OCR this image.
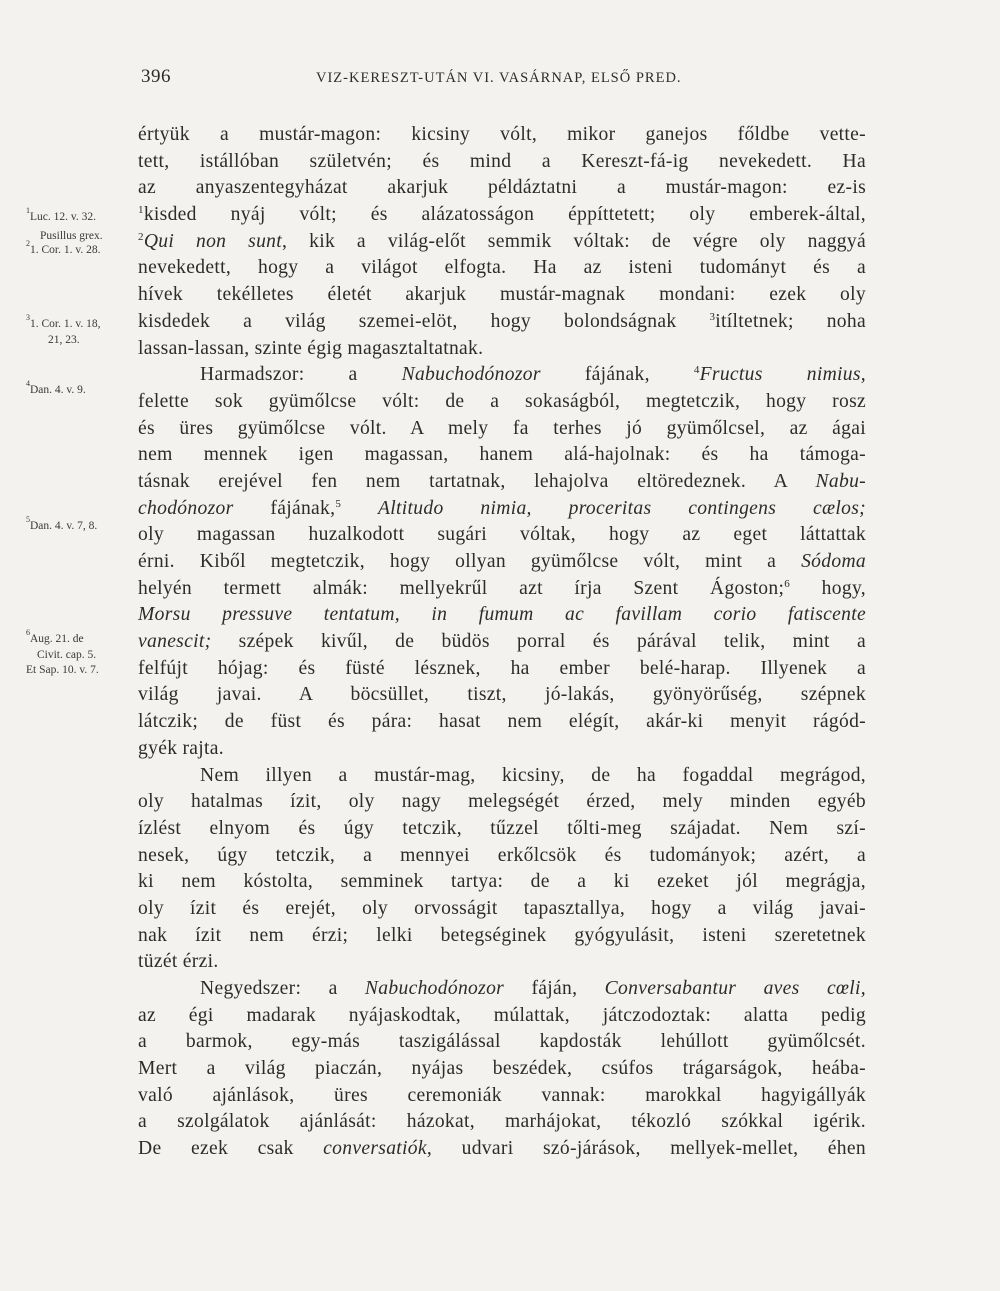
396	VIZ-KERESZT-UTÁN VI. VASÁRNAP, ELSŐ PRED.
$^1$Luc. 12. v. 32.
Pusillus grex.
$^2$1. Cor. 1. v. 28.
$^3$1. Cor. 1. v. 18,
21, 23.
$^4$Dan. 4. v. 9.
$^5$Dan. 4. v. 7, 8.
$^6$Aug. 21. de
Civit. cap. 5.
Et Sap. 10. v. 7.
értyük a mustár-magon: kicsiny vólt, mikor ganejos főldbe vette-
tett, istállóban születvén; és mind a Kereszt-fá-ig nevekedett. Ha
az anyaszentegyházat akarjuk példáztatni a mustár-magon: ez-is
$^1$kisded nyáj vólt; és alázatosságon éppíttetett; oly emberek-által,
$^2$Qui non sunt, kik a világ-előt semmik vóltak: de végre oly naggyá
nevekedett, hogy a világot elfogta. Ha az isteni tudományt és a
hívek tekélletes életét akarjuk mustár-magnak mondani: ezek oly
kisdedek a világ szemei-elöt, hogy bolondságnak $^3$itíltetnek; noha
lassan-lassan, szinte égig magasztaltatnak.
Harmadszor: a Nabuchodónozor fájának, $^4$Fructus nimius,
felette sok gyümőlcse vólt: de a sokaságból, megtetczik, hogy rosz
és üres gyümőlcse vólt. A mely fa terhes jó gyümőlcsel, az ágai
nem mennek igen magassan, hanem alá-hajolnak: és ha támoga-
tásnak erejével fen nem tartatnak, lehajolva eltöredeznek. A Nabu-
chodónozor fájának,$^5$ Altitudo nimia, proceritas contingens cælos;
oly magassan huzalkodott sugári vóltak, hogy az eget láttattak
érni. Kiből megtetczik, hogy ollyan gyümőlcse vólt, mint a Sódoma
helyén termett almák: mellyekrűl azt írja Szent Ágoston;$^6$ hogy,
Morsu pressuve tentatum, in fumum ac favillam corio fatiscente
vanescit; szépek kivűl, de büdös porral és párával telik, mint a
felfújt hójag: és füsté lésznek, ha ember belé-harap. Illyenek a
világ javai. A böcsüllet, tiszt, jó-lakás, gyönyörűség, szépnek
látczik; de füst és pára: hasat nem elégít, akár-ki menyit rágód-
gyék rajta.
Nem illyen a mustár-mag, kicsiny, de ha fogaddal megrágod,
oly hatalmas ízit, oly nagy melegségét érzed, mely minden egyéb
ízlést elnyom és úgy tetczik, tűzzel tőlti-meg szájadat. Nem szí-
nesek, úgy tetczik, a mennyei erkőlcsök és tudományok; azért, a
ki nem kóstolta, semminek tartya: de a ki ezeket jól megrágja,
oly ízit és erejét, oly orvosságit tapasztallya, hogy a világ javai-
nak ízit nem érzi; lelki betegséginek gyógyulásit, isteni szeretetnek
tüzét érzi.
Negyedszer: a Nabuchodónozor fáján, Conversabantur aves cœli,
az égi madarak nyájaskodtak, múlattak, játczodoztak: alatta pedig
a barmok, egy-más taszigálással kapdosták lehúllott gyümőlcsét.
Mert a világ piaczán, nyájas beszédek, csúfos trágarságok, heába-
való ajánlások, üres ceremoniák vannak: marokkal hagyigállyák
a szolgálatok ajánlását: házokat, marhájokat, tékozló szókkal igérik.
De ezek csak conversatiók, udvari szó-járások, mellyek-mellet, éhen
